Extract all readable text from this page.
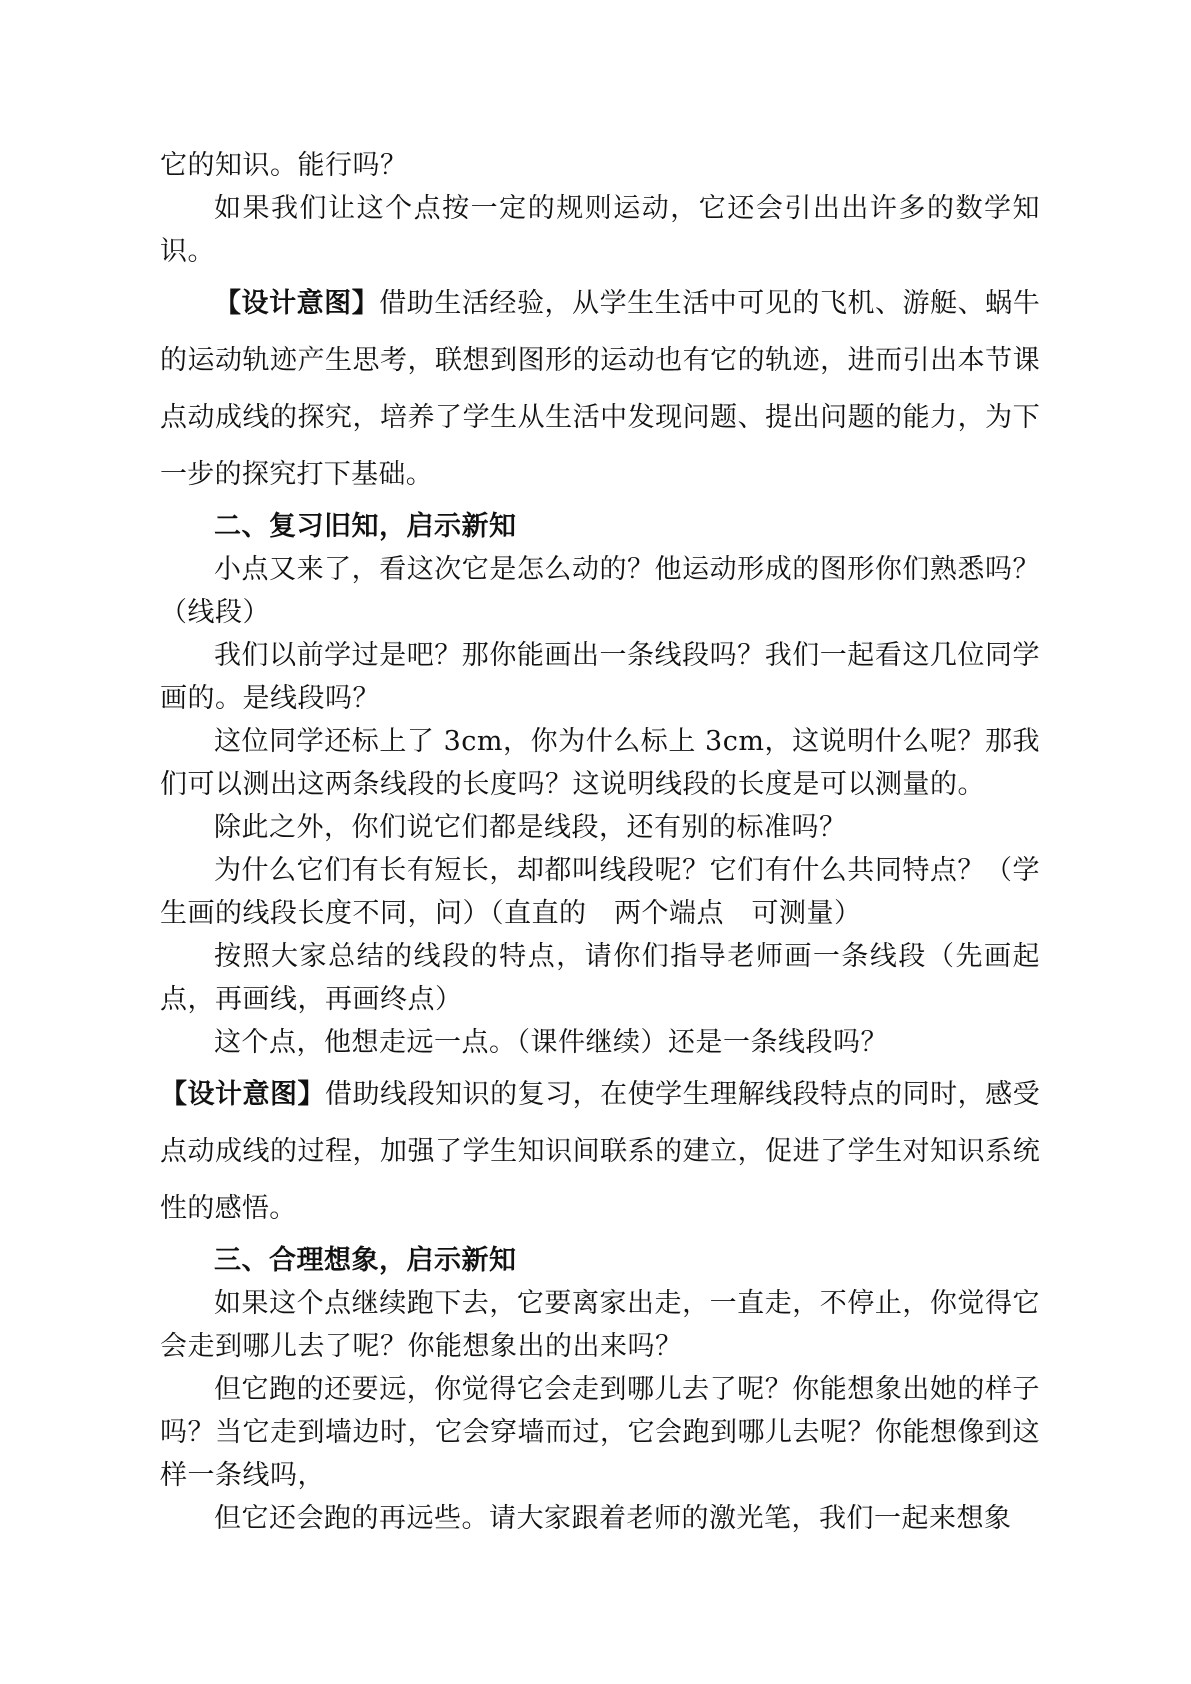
它的知识。能行吗？

如果我们让这个点按一定的规则运动，它还会引出出许多的数学知识。

【设计意图】借助生活经验，从学生生活中可见的飞机、游艇、蜗牛的运动轨迹产生思考，联想到图形的运动也有它的轨迹，进而引出本节课点动成线的探究，培养了学生从生活中发现问题、提出问题的能力，为下一步的探究打下基础。

二、复习旧知，启示新知

小点又来了，看这次它是怎么动的？他运动形成的图形你们熟悉吗？（线段）

我们以前学过是吧？那你能画出一条线段吗？我们一起看这几位同学画的。是线段吗？

这位同学还标上了 3cm，你为什么标上 3cm，这说明什么呢？那我们可以测出这两条线段的长度吗？这说明线段的长度是可以测量的。

除此之外，你们说它们都是线段，还有别的标准吗？

为什么它们有长有短长，却都叫线段呢？它们有什么共同特点？（学生画的线段长度不同，问）（直直的　两个端点　可测量）

按照大家总结的线段的特点，请你们指导老师画一条线段（先画起点，再画线，再画终点）

这个点，他想走远一点。（课件继续）还是一条线段吗？

【设计意图】借助线段知识的复习，在使学生理解线段特点的同时，感受点动成线的过程，加强了学生知识间联系的建立，促进了学生对知识系统性的感悟。

三、合理想象，启示新知

如果这个点继续跑下去，它要离家出走，一直走，不停止，你觉得它会走到哪儿去了呢？你能想象出的出来吗？

但它跑的还要远，你觉得它会走到哪儿去了呢？你能想象出她的样子吗？当它走到墙边时，它会穿墙而过，它会跑到哪儿去呢？你能想像到这样一条线吗，

但它还会跑的再远些。请大家跟着老师的激光笔，我们一起来想象
